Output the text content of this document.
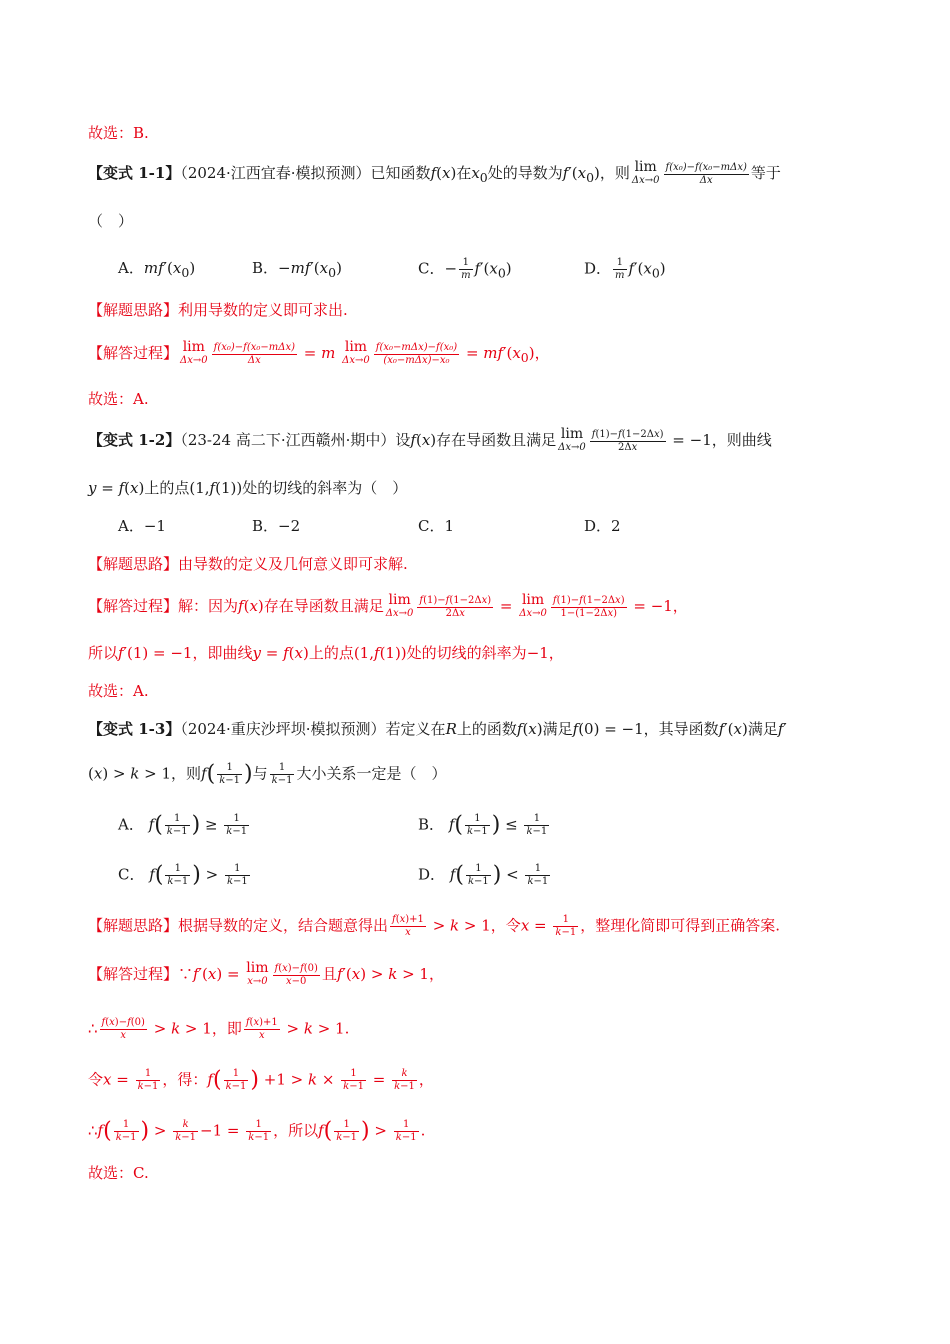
故选：B.
【变式 1-1】（2024·江西宜春·模拟预测）已知函数f(x)在$x_0$处的导数为$f'(x_0)$，则 lim
$\Delta x\to 0 \frac{\text{f(x₀)−f(x₀−mΔx)}}{\Delta x}$ 等于
（　）
A．$mf'(x_0)$	B．$-mf'(x_0)$	C．− $\frac{1}{m} f'(x_0)$	D． $\frac{1}{m} f'(x_0)$
【解题思路】利用导数的定义即可求出.
【解答过程】 lim
$\Delta x\to 0 \frac{\text{f(x₀)−f(x₀−mΔx)}}{\Delta x} = m$ lim
$\Delta x\to 0 \frac{\text{f(x₀−mΔx)−f(x₀)}}{\text{(x₀−mΔx)−x₀}} = mf'(x_0)$，
故选：A.
【变式 1-2】（23-24 高二下·江西赣州·期中）设f(x)存在导函数且满足 lim
$\Delta x\to 0 \frac{f(1)-f(1-2\Delta x)}{2\Delta x} = -1$，则曲线
y = f(x)上的点(1,f(1))处的切线的斜率为（　）
A．−1	B．−2	C．1	D．2
【解题思路】由导数的定义及几何意义即可求解.
【解答过程】解：因为f(x)存在导函数且满足 lim
$\Delta x\to 0 \frac{f(1)-f(1-2\Delta x)}{2\Delta x} = \lim$
$\Delta x\to 0 \frac{f(1)-f(1-2\Delta x)}{1-(1-2\Delta x)} = -1$，
所以f′(1) = −1，即曲线y = f(x)上的点(1,f(1))处的切线的斜率为−1，
故选：A.
【变式 1-3】（2024·重庆沙坪坝·模拟预测）若定义在R上的函数f(x)满足f(0) = −1，其导函数f′(x)满足f′
(x) > k > 1，则$f( \frac{1}{k-1}$ )与 $\frac{1}{k-1}$ 大小关系一定是（　）
A． $f( \frac{1}{k-1}$ ) ≥ $\frac{1}{k-1}$	B． $f( \frac{1}{k-1}$ ) ≤ $\frac{1}{k-1}$
C． $f( \frac{1}{k-1}$ ) > $\frac{1}{k-1}$	D． $f( \frac{1}{k-1}$ ) < $\frac{1}{k-1}$
【解题思路】根据导数的定义，结合题意得出 $\frac{f(x)+1}{x} > k > 1$，令$x = \frac{1}{k-1}$ ，整理化简即可得到正确答案.
【解答过程】∵f′(x) = lim
$x\to 0 \frac{f(x)-f(0)}{x-0}$ 且f′(x) > k > 1，
∴ $\frac{f(x)-f(0)}{x} > k > 1$，即 $\frac{f(x)+1}{x} > k > 1$.
令$x = \frac{1}{k-1}$ ，得：$f( \frac{1}{k-1}$ ) $+1 > k \times \frac{1}{k-1} = \frac{k}{k-1}$ ，
∴f( $\frac{1}{k-1}$ ) > $\frac{k}{k-1} -1 = \frac{1}{k-1}$ ，所以$f( \frac{1}{k-1}$ ) > $\frac{1}{k-1}$ .
故选：C.
